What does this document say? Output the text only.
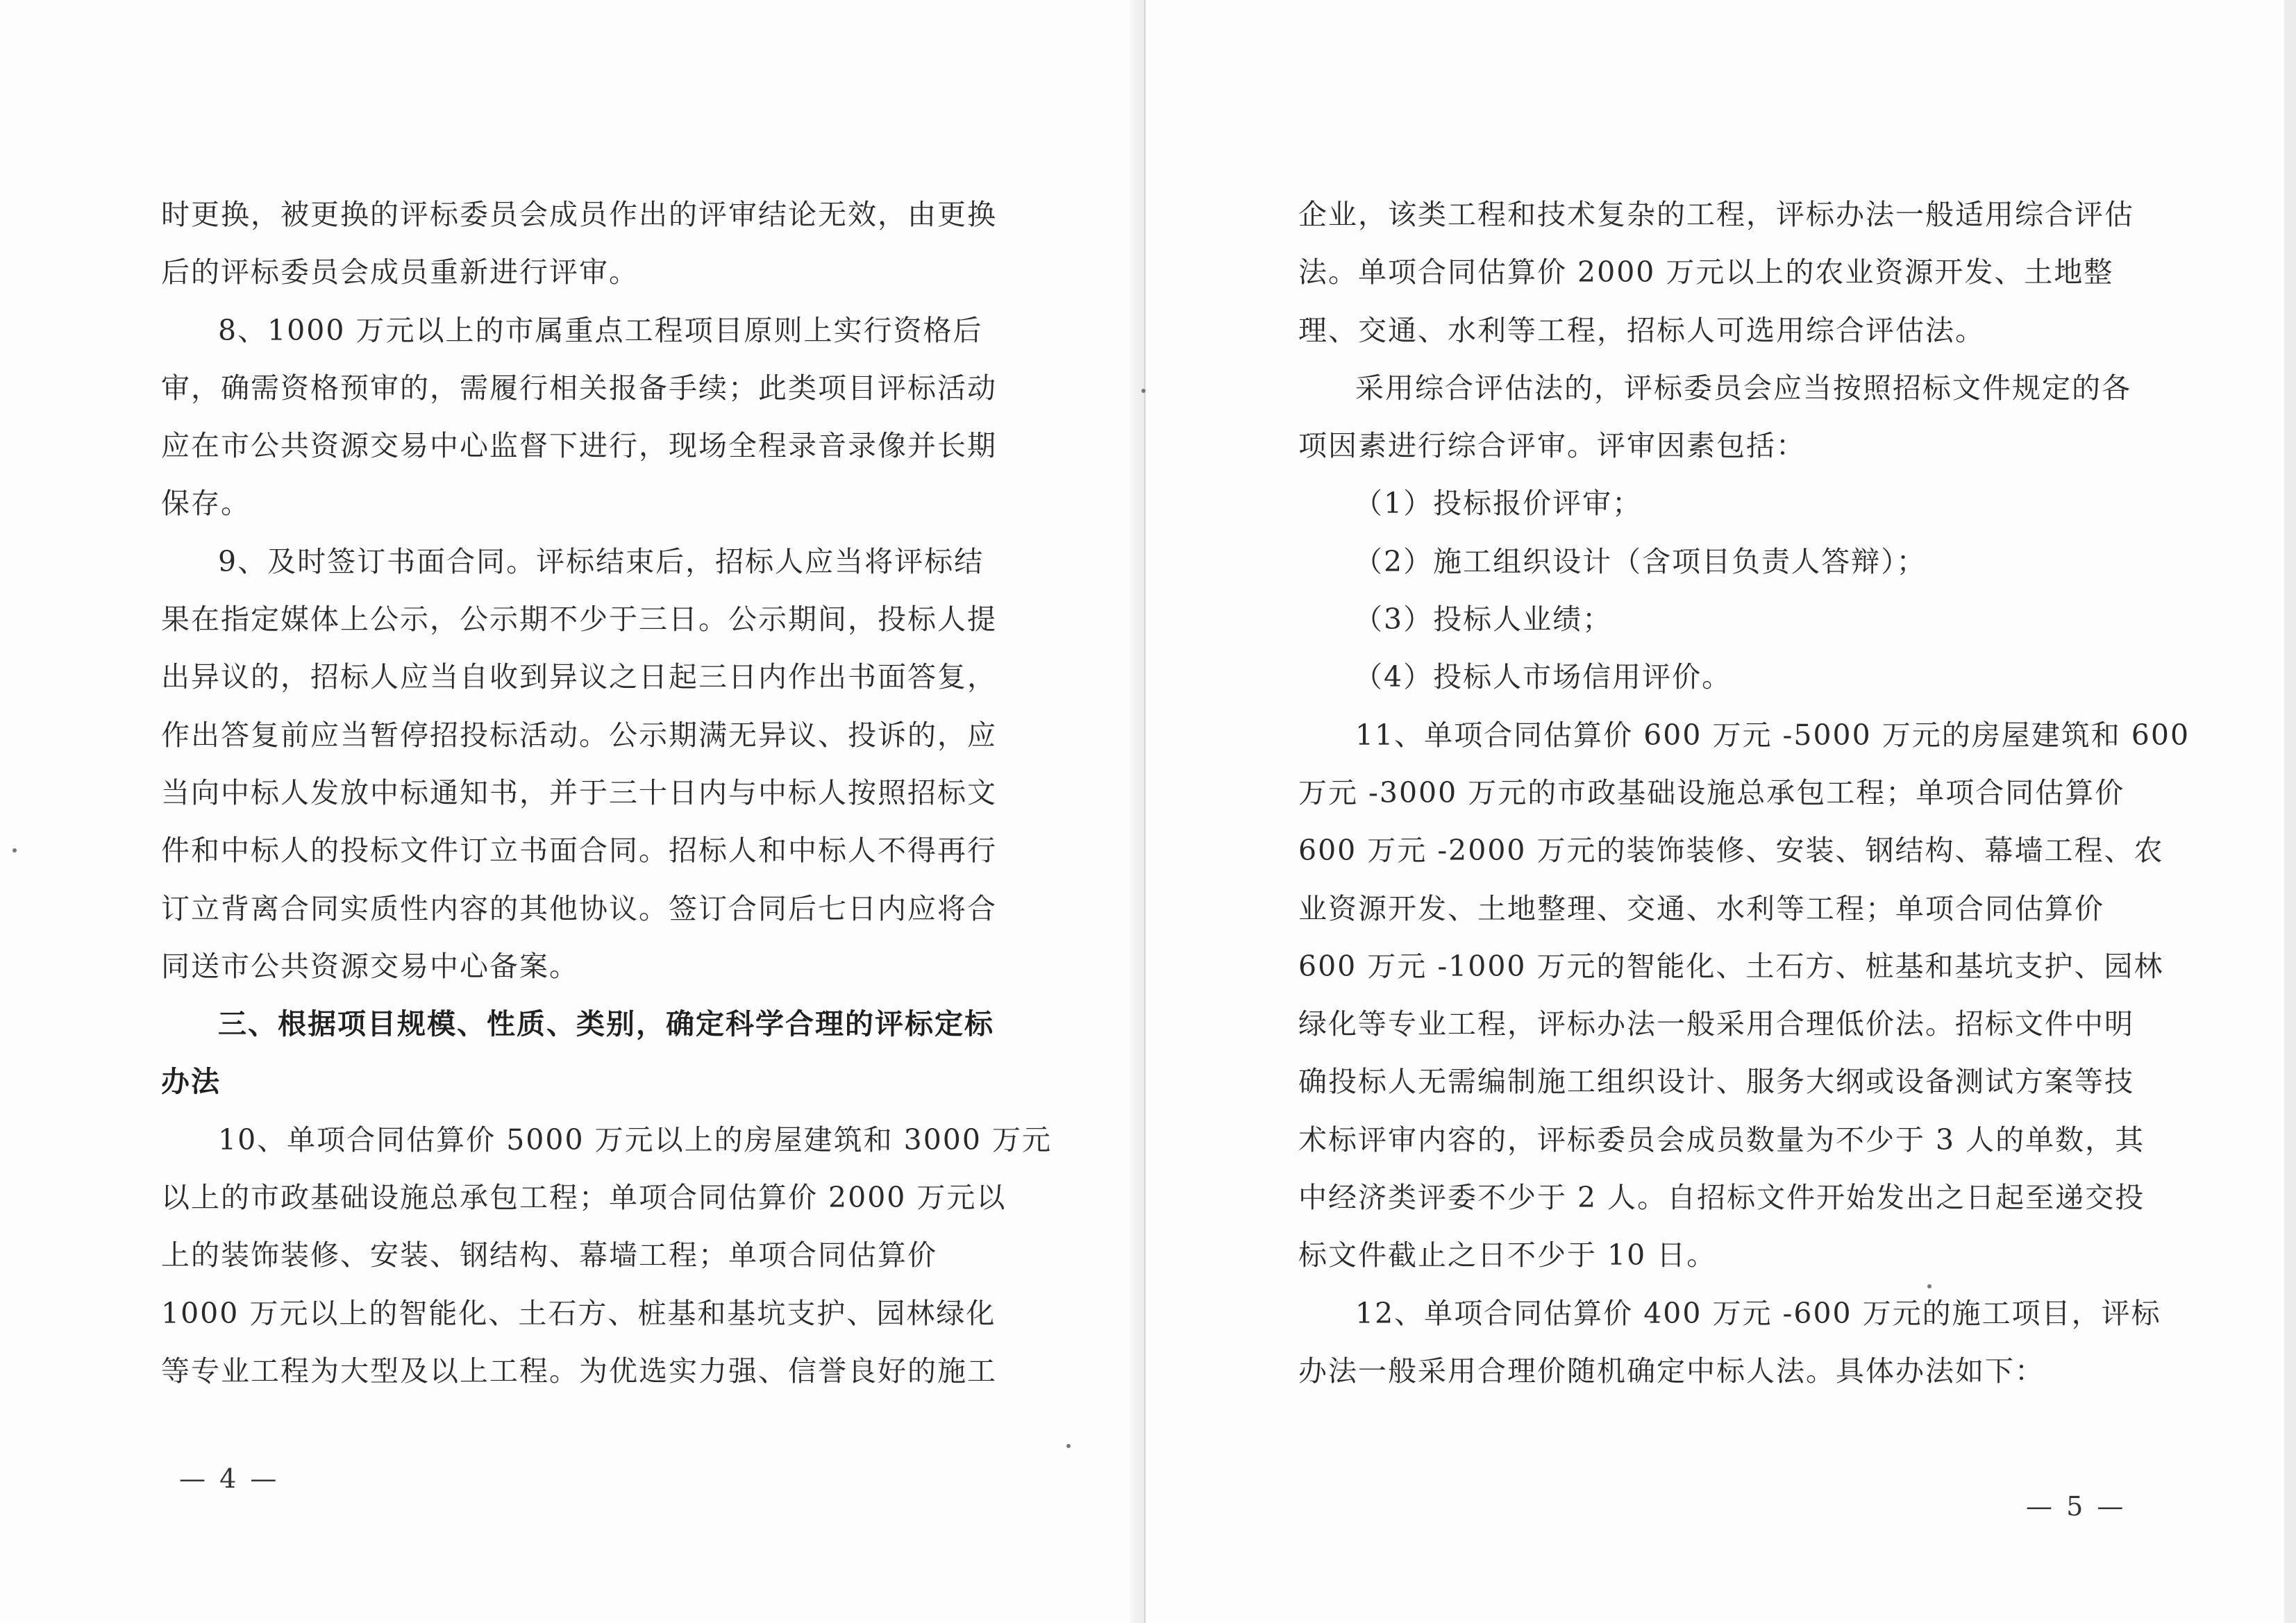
时更换，被更换的评标委员会成员作出的评审结论无效，由更换

后的评标委员会成员重新进行评审。

8、1000 万元以上的市属重点工程项目原则上实行资格后

审，确需资格预审的，需履行相关报备手续；此类项目评标活动

应在市公共资源交易中心监督下进行，现场全程录音录像并长期

保存。

9、及时签订书面合同。评标结束后，招标人应当将评标结

果在指定媒体上公示，公示期不少于三日。公示期间，投标人提

出异议的，招标人应当自收到异议之日起三日内作出书面答复，

作出答复前应当暂停招投标活动。公示期满无异议、投诉的，应

当向中标人发放中标通知书，并于三十日内与中标人按照招标文

件和中标人的投标文件订立书面合同。招标人和中标人不得再行

订立背离合同实质性内容的其他协议。签订合同后七日内应将合

同送市公共资源交易中心备案。

三、根据项目规模、性质、类别，确定科学合理的评标定标

办法

10、单项合同估算价 5000 万元以上的房屋建筑和 3000 万元

以上的市政基础设施总承包工程；单项合同估算价 2000 万元以

上的装饰装修、安装、钢结构、幕墙工程；单项合同估算价

1000 万元以上的智能化、土石方、桩基和基坑支护、园林绿化

等专业工程为大型及以上工程。为优选实力强、信誉良好的施工

— 4 —

企业，该类工程和技术复杂的工程，评标办法一般适用综合评估

法。单项合同估算价 2000 万元以上的农业资源开发、土地整

理、交通、水利等工程，招标人可选用综合评估法。

采用综合评估法的，评标委员会应当按照招标文件规定的各

项因素进行综合评审。评审因素包括：

（1）投标报价评审；

（2）施工组织设计（含项目负责人答辩）；

（3）投标人业绩；

（4）投标人市场信用评价。

11、单项合同估算价 600 万元 -5000 万元的房屋建筑和 600

万元 -3000 万元的市政基础设施总承包工程；单项合同估算价

600 万元 -2000 万元的装饰装修、安装、钢结构、幕墙工程、农

业资源开发、土地整理、交通、水利等工程；单项合同估算价

600 万元 -1000 万元的智能化、土石方、桩基和基坑支护、园林

绿化等专业工程，评标办法一般采用合理低价法。招标文件中明

确投标人无需编制施工组织设计、服务大纲或设备测试方案等技

术标评审内容的，评标委员会成员数量为不少于 3 人的单数，其

中经济类评委不少于 2 人。自招标文件开始发出之日起至递交投

标文件截止之日不少于 10 日。

12、单项合同估算价 400 万元 -600 万元的施工项目，评标

办法一般采用合理价随机确定中标人法。具体办法如下：

— 5 —
